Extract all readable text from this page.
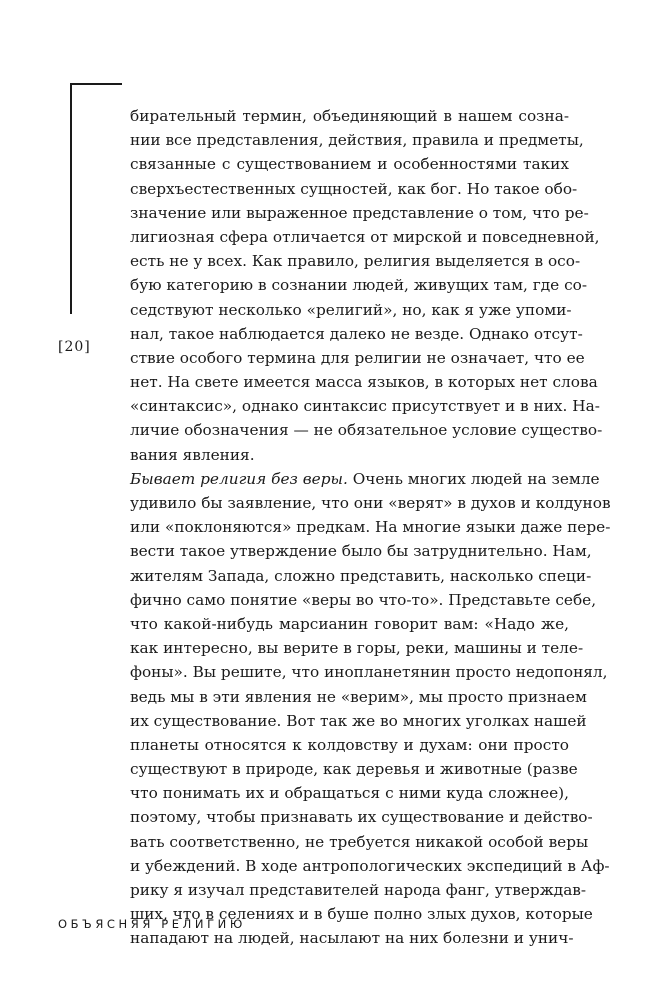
[20]
бирательный термин, объединяющий в нашем созна-
нии все представления, действия, правила и предметы,
связанные с существованием и особенностями таких
сверхъестественных сущностей, как бог. Но такое обо-
значение или выраженное представление о том, что ре-
лигиозная сфера отличается от мирской и повседневной,
есть не у всех. Как правило, религия выделяется в осо-
бую категорию в сознании людей, живущих там, где со-
седствуют несколько «религий», но, как я уже упоми-
нал, такое наблюдается далеко не везде. Однако отсут-
ствие особого термина для религии не означает, что ее
нет. На свете имеется масса языков, в которых нет слова
«синтаксис», однако синтаксис присутствует и в них. На-
личие обозначения — не обязательное условие существо-
вания явления.
Бывает религия без веры. Очень многих людей на земле
удивило бы заявление, что они «верят» в духов и колдунов
или «поклоняются» предкам. На многие языки даже пере-
вести такое утверждение было бы затруднительно. Нам,
жителям Запада, сложно представить, насколько специ-
фично само понятие «веры во что-то». Представьте себе,
что какой-нибудь марсианин говорит вам: «Надо же,
как интересно, вы верите в горы, реки, машины и теле-
фоны». Вы решите, что инопланетянин просто недопонял,
ведь мы в эти явления не «верим», мы просто признаем
их существование. Вот так же во многих уголках нашей
планеты относятся к колдовству и духам: они просто
существуют в природе, как деревья и животные (разве
что понимать их и обращаться с ними куда сложнее),
поэтому, чтобы признавать их существование и действо-
вать соответственно, не требуется никакой особой веры
и убеждений. В ходе антропологических экспедиций в Аф-
рику я изучал представителей народа фанг, утверждав-
ших, что в селениях и в буше полно злых духов, которые
нападают на людей, насылают на них болезни и унич-
ОБЪЯСНЯЯ РЕЛИГИЮ
